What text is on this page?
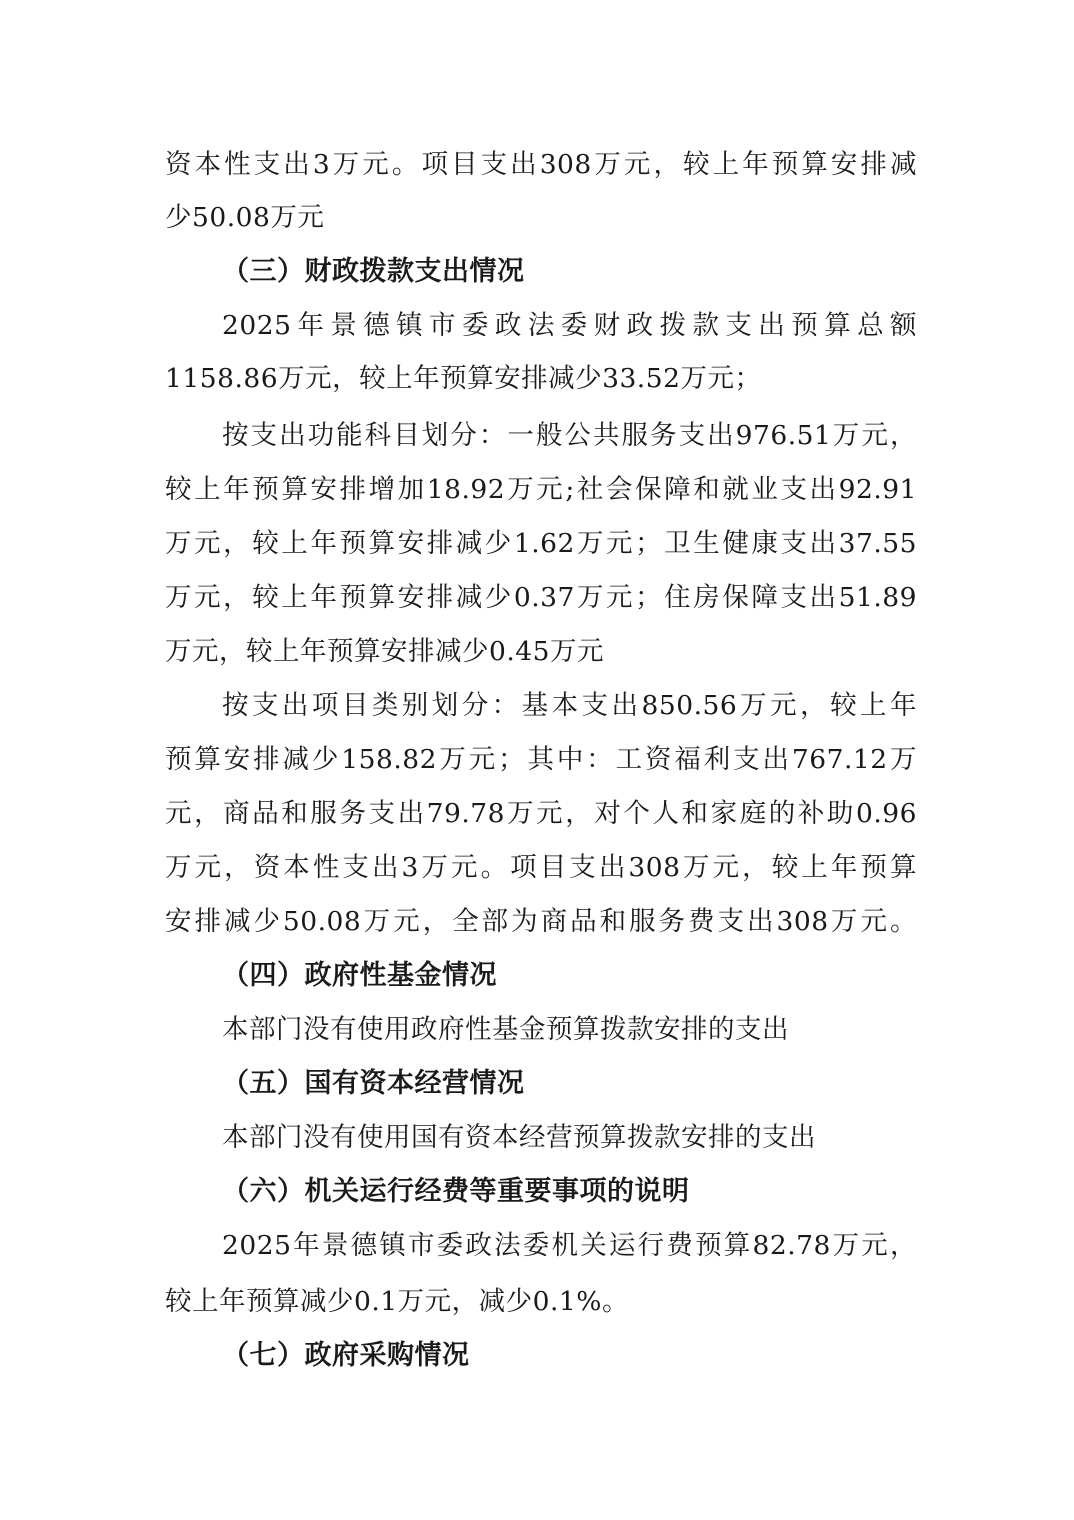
资本性支出3万元。项目支出308万元，较上年预算安排减
少50.08万元
（三）财政拨款支出情况
2025年景德镇市委政法委财政拨款支出预算总额
1158.86万元，较上年预算安排减少33.52万元；
按支出功能科目划分：一般公共服务支出976.51万元，
较上年预算安排增加18.92万元;社会保障和就业支出92.91
万元，较上年预算安排减少1.62万元；卫生健康支出37.55
万元，较上年预算安排减少0.37万元；住房保障支出51.89
万元，较上年预算安排减少0.45万元
按支出项目类别划分：基本支出850.56万元，较上年
预算安排减少158.82万元；其中：工资福利支出767.12万
元，商品和服务支出79.78万元，对个人和家庭的补助0.96
万元，资本性支出3万元。项目支出308万元，较上年预算
安排减少50.08万元，全部为商品和服务费支出308万元。
（四）政府性基金情况
本部门没有使用政府性基金预算拨款安排的支出
（五）国有资本经营情况
本部门没有使用国有资本经营预算拨款安排的支出
（六）机关运行经费等重要事项的说明
2025年景德镇市委政法委机关运行费预算82.78万元，
较上年预算减少0.1万元，减少0.1%。
（七）政府采购情况
